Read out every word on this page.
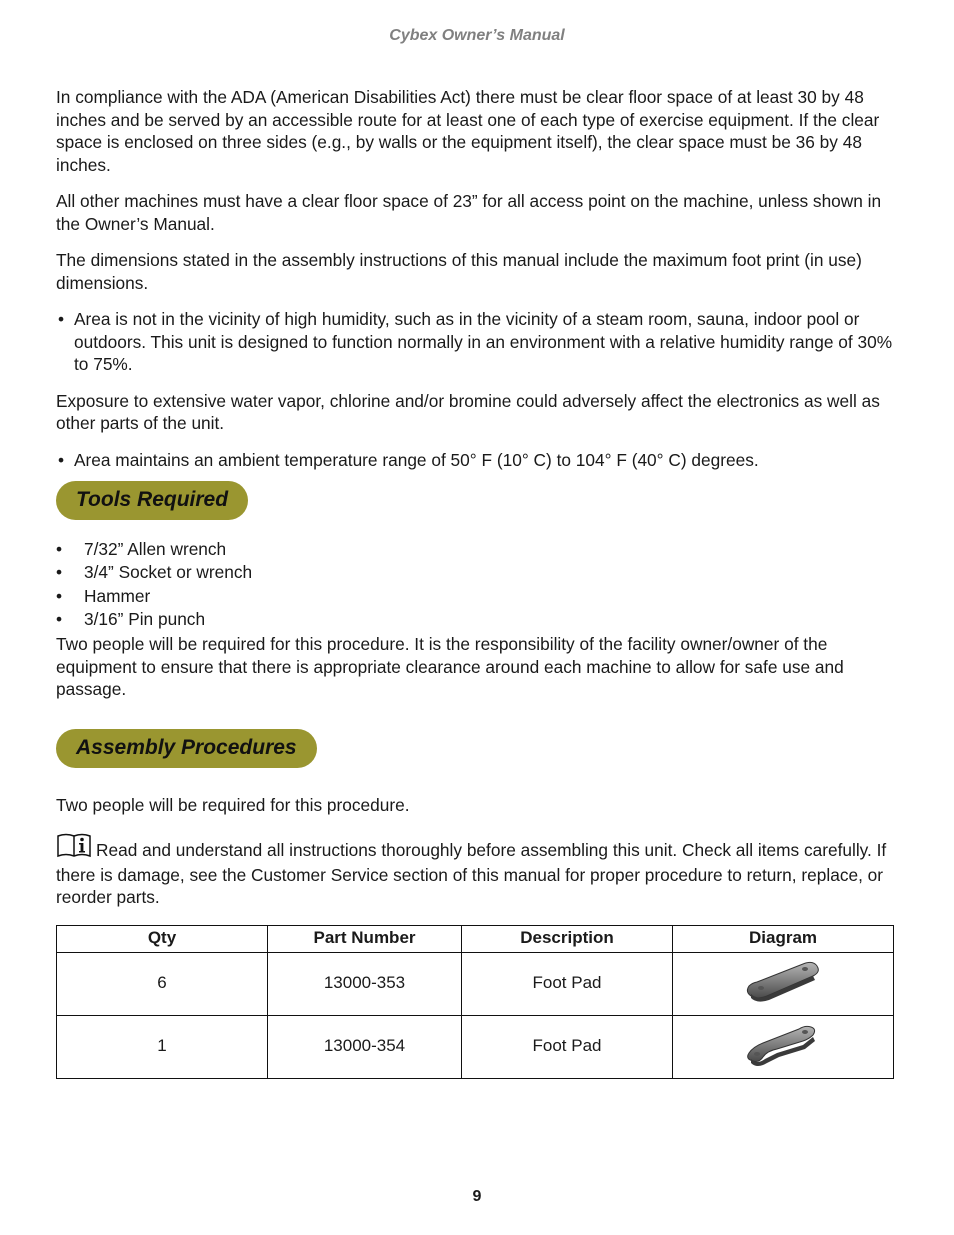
Cybex Owner’s Manual

In compliance with the ADA (American Disabilities Act) there must be clear floor space of at least 30 by 48 inches and be served by an accessible route for at least one of each type of exercise equipment. If the clear space is enclosed on three sides (e.g., by walls or the equipment itself), the clear space must be 36 by 48 inches.

All other machines must have a clear floor space of 23” for all access point on the machine, unless shown in the Owner’s Manual.

The dimensions stated in the assembly instructions of this manual include the maximum foot print (in use) dimensions.

• Area is not in the vicinity of high humidity, such as in the vicinity of a steam room, sauna, indoor pool or outdoors. This unit is designed to function normally in an environment with a relative humidity range of 30% to 75%.

Exposure to extensive water vapor, chlorine and/or bromine could adversely affect the electronics as well as other parts of the unit.

• Area maintains an ambient temperature range of 50° F (10° C) to 104° F (40° C) degrees.
Tools Required
•	7/32” Allen wrench
•	3/4” Socket or wrench
•	Hammer
•	3/16” Pin punch

Two people will be required for this procedure. It is the responsibility of the facility owner/owner of the equipment to ensure that there is appropriate clearance around each machine to allow for safe use and passage.

Assembly Procedures

Two people will be required for this procedure.

Read and understand all instructions thoroughly before assembling this unit. Check all items carefully. If there is damage, see the Customer Service section of this manual for proper procedure to return, replace, or reorder parts.

Qty	Part Number	Description	Diagram
6	13000-353	Foot Pad	
1	13000-354	Foot Pad	
9
